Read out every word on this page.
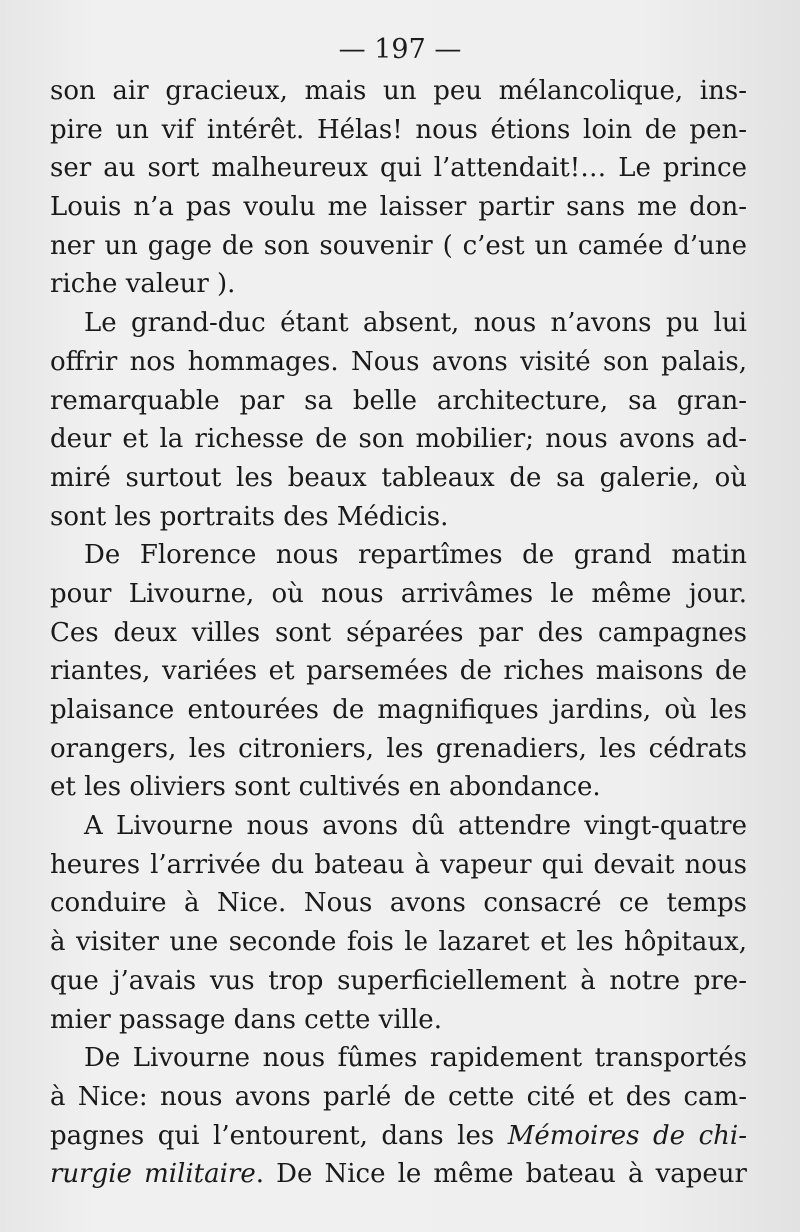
— 197 —
son air gracieux, mais un peu mélancolique, ins-
pire un vif intérêt. Hélas! nous étions loin de pen-
ser au sort malheureux qui l’attendait!… Le prince
Louis n’a pas voulu me laisser partir sans me don-
ner un gage de son souvenir ( c’est un camée d’une
riche valeur ).
Le grand-duc étant absent, nous n’avons pu lui
offrir nos hommages. Nous avons visité son palais,
remarquable par sa belle architecture, sa gran-
deur et la richesse de son mobilier; nous avons ad-
miré surtout les beaux tableaux de sa galerie, où
sont les portraits des Médicis.
De Florence nous repartîmes de grand matin
pour Livourne, où nous arrivâmes le même jour.
Ces deux villes sont séparées par des campagnes
riantes, variées et parsemées de riches maisons de
plaisance entourées de magnifiques jardins, où les
orangers, les citroniers, les grenadiers, les cédrats
et les oliviers sont cultivés en abondance.
A Livourne nous avons dû attendre vingt-quatre
heures l’arrivée du bateau à vapeur qui devait nous
conduire à Nice. Nous avons consacré ce temps
à visiter une seconde fois le lazaret et les hôpitaux,
que j’avais vus trop superficiellement à notre pre-
mier passage dans cette ville.
De Livourne nous fûmes rapidement transportés
à Nice: nous avons parlé de cette cité et des cam-
pagnes qui l’entourent, dans les Mémoires de chi-
rurgie militaire. De Nice le même bateau à vapeur
